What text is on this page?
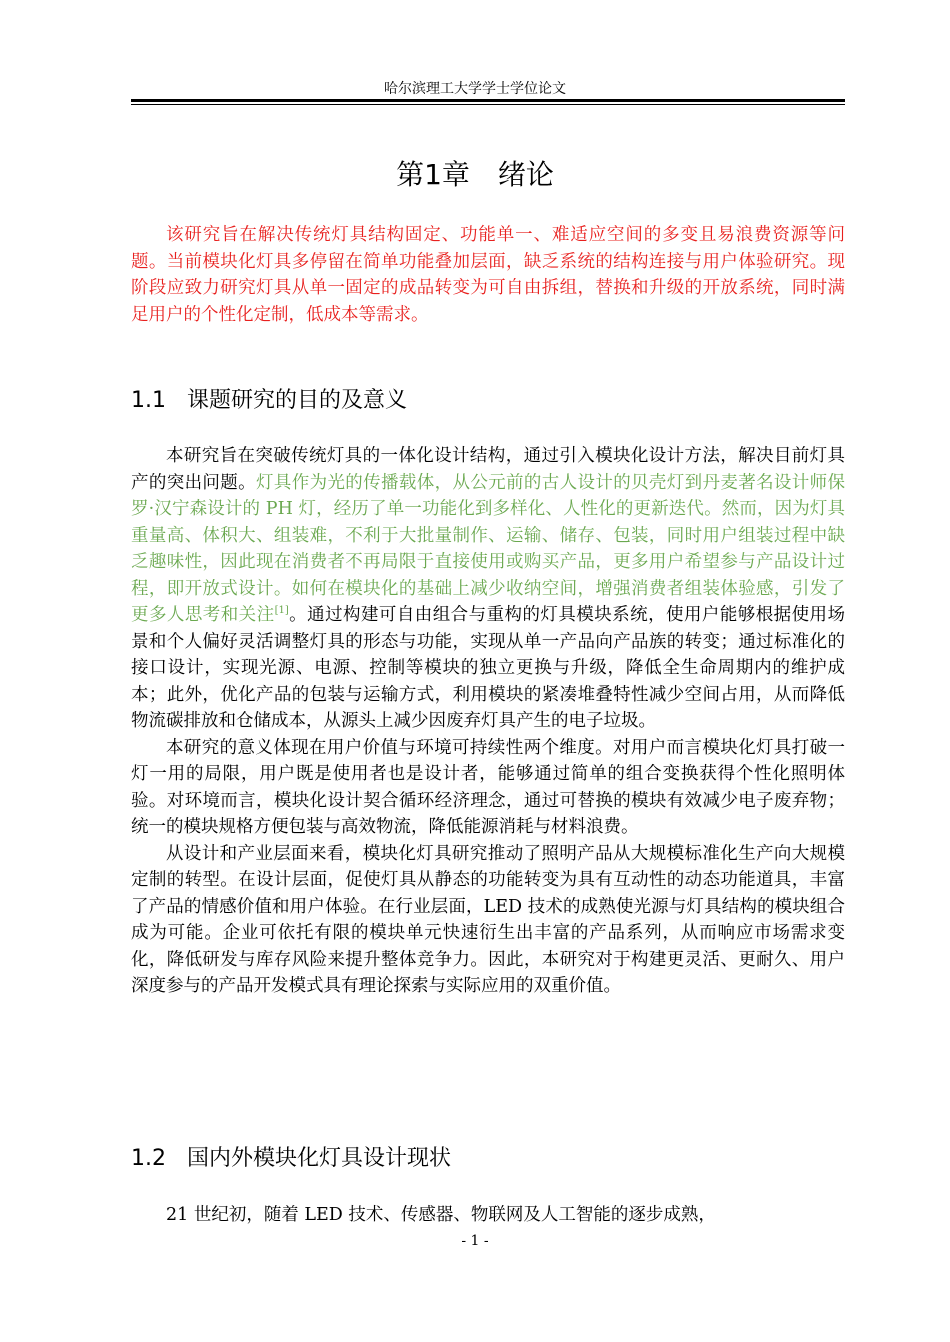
哈尔滨理工大学学士学位论文
第1章　绪论

该研究旨在解决传统灯具结构固定、功能单一、难适应空间的多变且易浪费资源等问题。当前模块化灯具多停留在简单功能叠加层面，缺乏系统的结构连接与用户体验研究。现阶段应致力研究灯具从单一固定的成品转变为可自由拆组，替换和升级的开放系统，同时满足用户的个性化定制，低成本等需求。

1.1 课题研究的目的及意义

本研究旨在突破传统灯具的一体化设计结构，通过引入模块化设计方法，解决目前灯具产的突出问题。灯具作为光的传播载体，从公元前的古人设计的贝壳灯到丹麦著名设计师保罗·汉宁森设计的 PH 灯，经历了单一功能化到多样化、人性化的更新迭代。然而，因为灯具重量高、体积大、组装难，不利于大批量制作、运输、储存、包装，同时用户组装过程中缺乏趣味性，因此现在消费者不再局限于直接使用或购买产品，更多用户希望参与产品设计过程，即开放式设计。如何在模块化的基础上减少收纳空间，增强消费者组装体验感，引发了更多人思考和关注[1]。通过构建可自由组合与重构的灯具模块系统，使用户能够根据使用场景和个人偏好灵活调整灯具的形态与功能，实现从单一产品向产品族的转变；通过标准化的接口设计，实现光源、电源、控制等模块的独立更换与升级，降低全生命周期内的维护成本；此外，优化产品的包装与运输方式，利用模块的紧凑堆叠特性减少空间占用，从而降低物流碳排放和仓储成本，从源头上减少因废弃灯具产生的电子垃圾。

本研究的意义体现在用户价值与环境可持续性两个维度。对用户而言模块化灯具打破一灯一用的局限，用户既是使用者也是设计者，能够通过简单的组合变换获得个性化照明体验。对环境而言，模块化设计契合循环经济理念，通过可替换的模块有效减少电子废弃物；统一的模块规格方便包装与高效物流，降低能源消耗与材料浪费。

从设计和产业层面来看，模块化灯具研究推动了照明产品从大规模标准化生产向大规模定制的转型。在设计层面，促使灯具从静态的功能转变为具有互动性的动态功能道具，丰富了产品的情感价值和用户体验。在行业层面，LED 技术的成熟使光源与灯具结构的模块组合成为可能。企业可依托有限的模块单元快速衍生出丰富的产品系列，从而响应市场需求变化，降低研发与库存风险来提升整体竞争力。因此，本研究对于构建更灵活、更耐久、用户深度参与的产品开发模式具有理论探索与实际应用的双重价值。

1.2 国内外模块化灯具设计现状

21 世纪初，随着 LED 技术、传感器、物联网及人工智能的逐步成熟，

- 1 -
